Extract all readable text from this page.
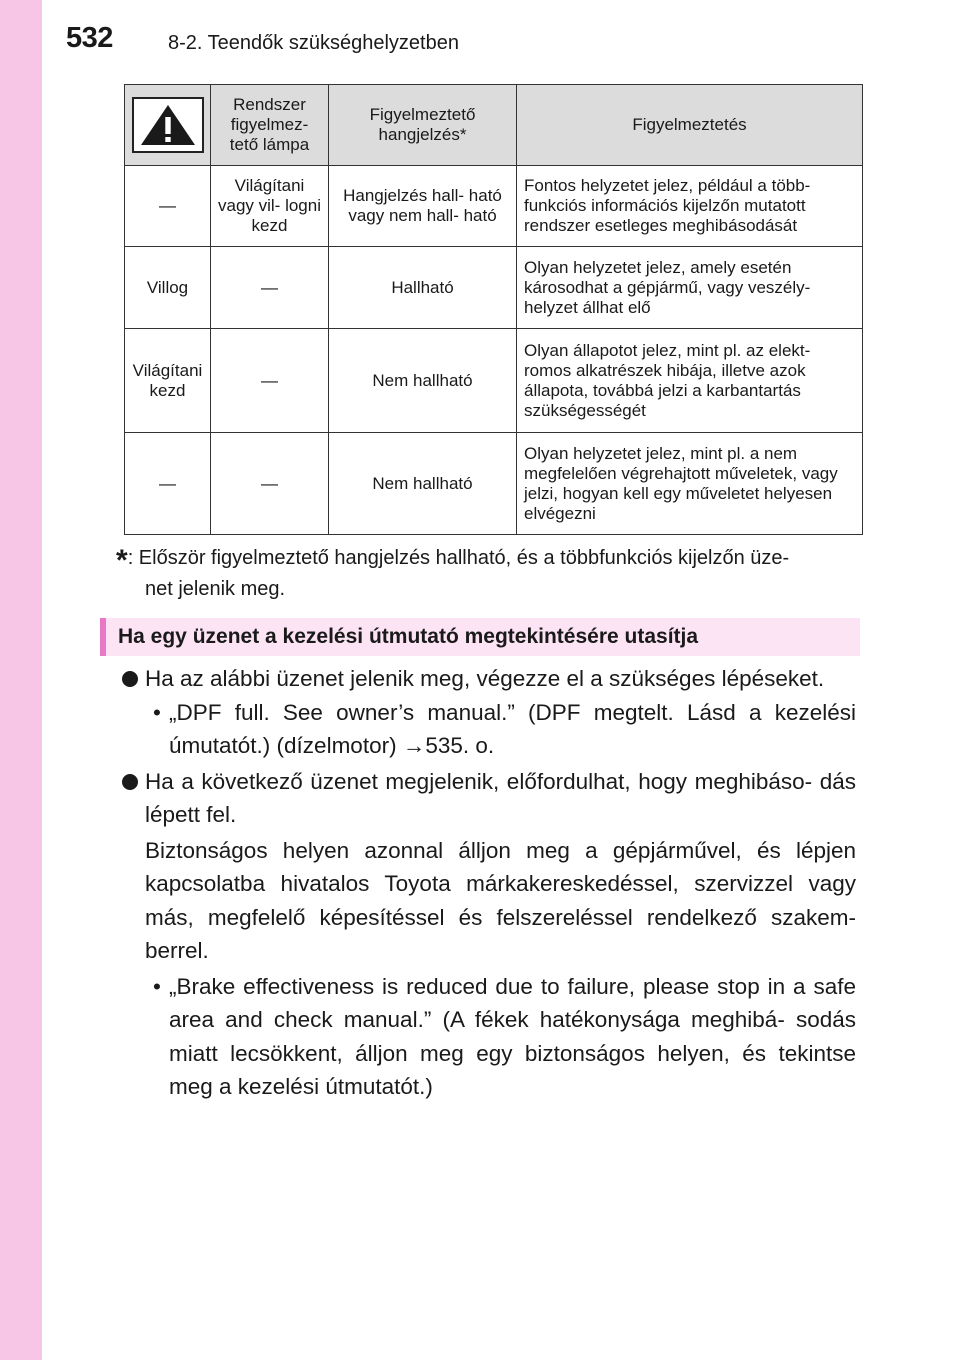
532	8-2. Teendők szükséghelyzetben
	Rendszer figyelmez- tető lámpa	Figyelmeztető hangjelzés*	Figyelmeztetés
—	Világítani vagy vil- logni kezd	Hangjelzés hall- ható vagy nem hall- ható	Fontos helyzetet jelez, például a több- funkciós információs kijelzőn mutatott rendszer esetleges meghibásodását
Villog	—	Hallható	Olyan helyzetet jelez, amely esetén károsodhat a gépjármű, vagy veszély- helyzet állhat elő
Világítani kezd	—	Nem hallható	Olyan állapotot jelez, mint pl. az elekt- romos alkatrészek hibája, illetve azok állapota, továbbá jelzi a karbantartás szükségességét
—	—	Nem hallható	Olyan helyzetet jelez, mint pl. a nem megfelelően végrehajtott műveletek, vagy jelzi, hogyan kell egy műveletet helyesen elvégezni
*: Először figyelmeztető hangjelzés hallható, és a többfunkciós kijelzőn üze-
net jelenik meg.
Ha egy üzenet a kezelési útmutató megtekintésére utasítja
Ha az alábbi üzenet jelenik meg, végezze el a szükséges lépéseket.
• „DPF full. See owner’s manual.” (DPF megtelt. Lásd a kezelési úmutatót.) (dízelmotor) →535. o.
Ha a következő üzenet megjelenik, előfordulhat, hogy meghibáso- dás lépett fel.
Biztonságos helyen azonnal álljon meg a gépjárművel, és lépjen kapcsolatba hivatalos Toyota márkakereskedéssel, szervizzel vagy más, megfelelő képesítéssel és felszereléssel rendelkező szakem- berrel.
• „Brake effectiveness is reduced due to failure, please stop in a safe area and check manual.” (A fékek hatékonysága meghibá- sodás miatt lecsökkent, álljon meg egy biztonságos helyen, és tekintse meg a kezelési útmutatót.)
